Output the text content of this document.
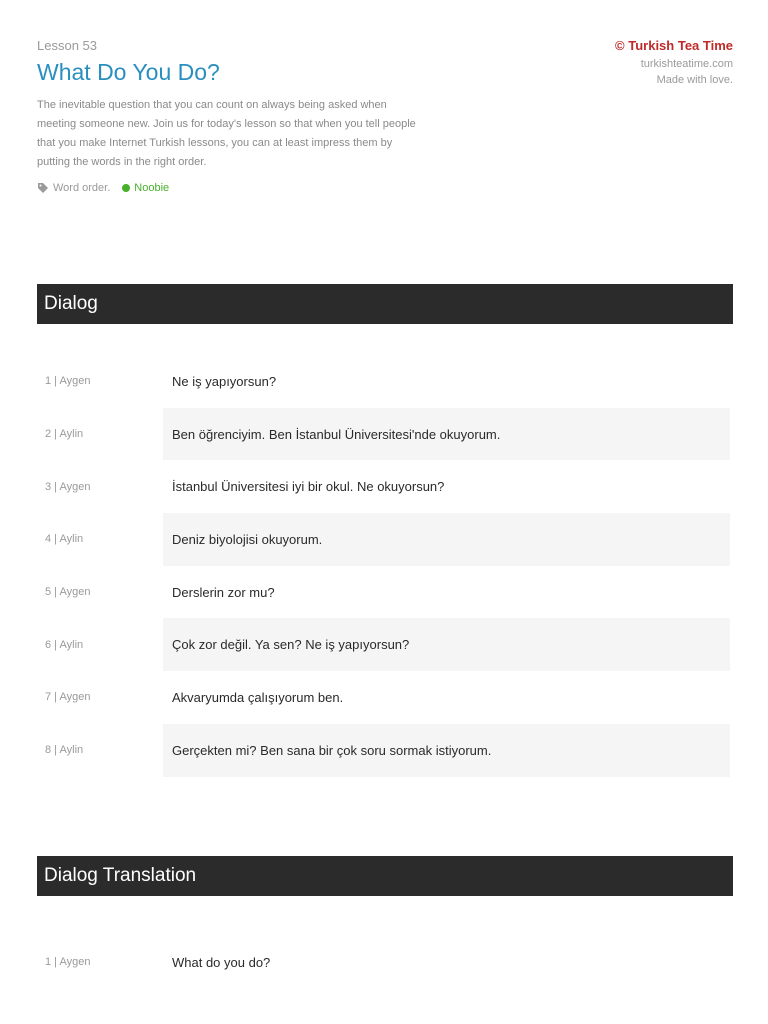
Lesson 53
What Do You Do?

The inevitable question that you can count on always being asked when meeting someone new. Join us for today's lesson so that when you tell people that you make Internet Turkish lessons, you can at least impress them by putting the words in the right order.

Word order. Noobie
© Turkish Tea Time
turkishteatime.com
Made with love.
Dialog
1 | Aygen	Ne iş yapıyorsun?
2 | Aylin	Ben öğrenciyim. Ben İstanbul Üniversitesi'nde okuyorum.
3 | Aygen	İstanbul Üniversitesi iyi bir okul. Ne okuyorsun?
4 | Aylin	Deniz biyolojisi okuyorum.
5 | Aygen	Derslerin zor mu?
6 | Aylin	Çok zor değil. Ya sen? Ne iş yapıyorsun?
7 | Aygen	Akvaryumda çalışıyorum ben.
8 | Aylin	Gerçekten mi? Ben sana bir çok soru sormak istiyorum.
Dialog Translation
1 | Aygen	What do you do?
